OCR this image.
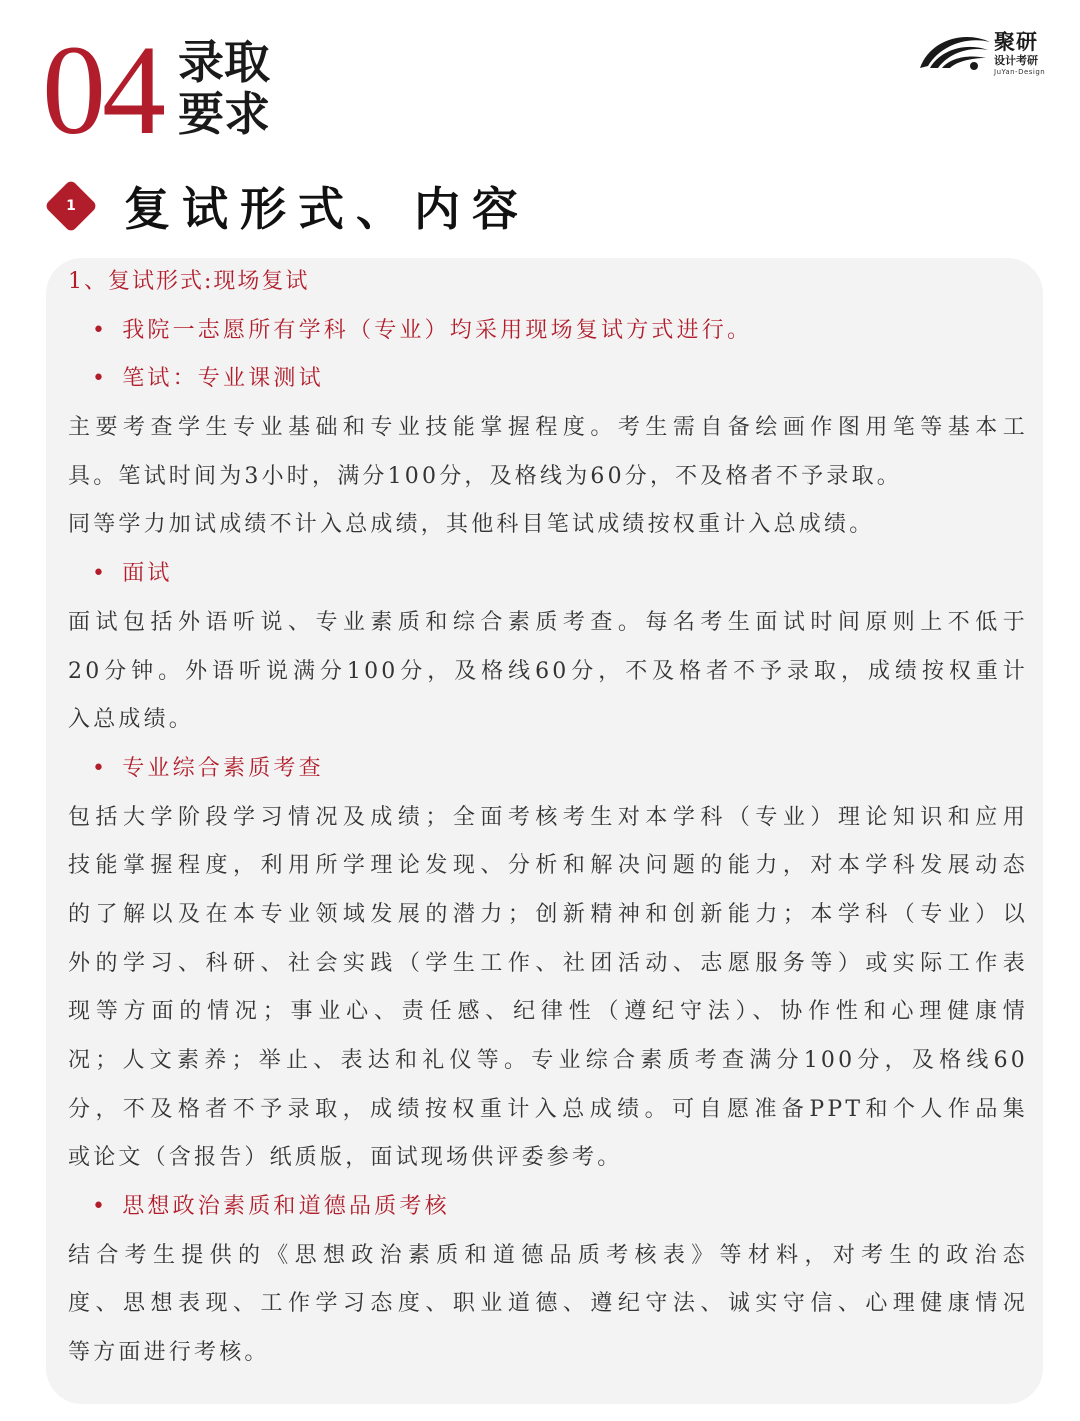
04 录取
要求
聚研
设计考研
JuYan-Design
1	复试形式、内容
1、复试形式:现场复试
• 我院一志愿所有学科（专业）均采用现场复试方式进行。
• 笔试：专业课测试
主要考查学生专业基础和专业技能掌握程度。考生需自备绘画作图用笔等基本工
具。笔试时间为3小时，满分100分，及格线为60分，不及格者不予录取。
同等学力加试成绩不计入总成绩，其他科目笔试成绩按权重计入总成绩。
• 面试
面试包括外语听说、专业素质和综合素质考查。每名考生面试时间原则上不低于
20分钟。外语听说满分100分，及格线60分，不及格者不予录取，成绩按权重计
入总成绩。
• 专业综合素质考查
包括大学阶段学习情况及成绩；全面考核考生对本学科（专业）理论知识和应用
技能掌握程度，利用所学理论发现、分析和解决问题的能力，对本学科发展动态
的了解以及在本专业领域发展的潜力；创新精神和创新能力；本学科（专业）以
外的学习、科研、社会实践（学生工作、社团活动、志愿服务等）或实际工作表
现等方面的情况；事业心、责任感、纪律性（遵纪守法）、协作性和心理健康情
况；人文素养；举止、表达和礼仪等。专业综合素质考查满分100分，及格线60
分，不及格者不予录取，成绩按权重计入总成绩。可自愿准备PPT和个人作品集
或论文（含报告）纸质版，面试现场供评委参考。
• 思想政治素质和道德品质考核
结合考生提供的《思想政治素质和道德品质考核表》等材料，对考生的政治态
度、思想表现、工作学习态度、职业道德、遵纪守法、诚实守信、心理健康情况
等方面进行考核。
